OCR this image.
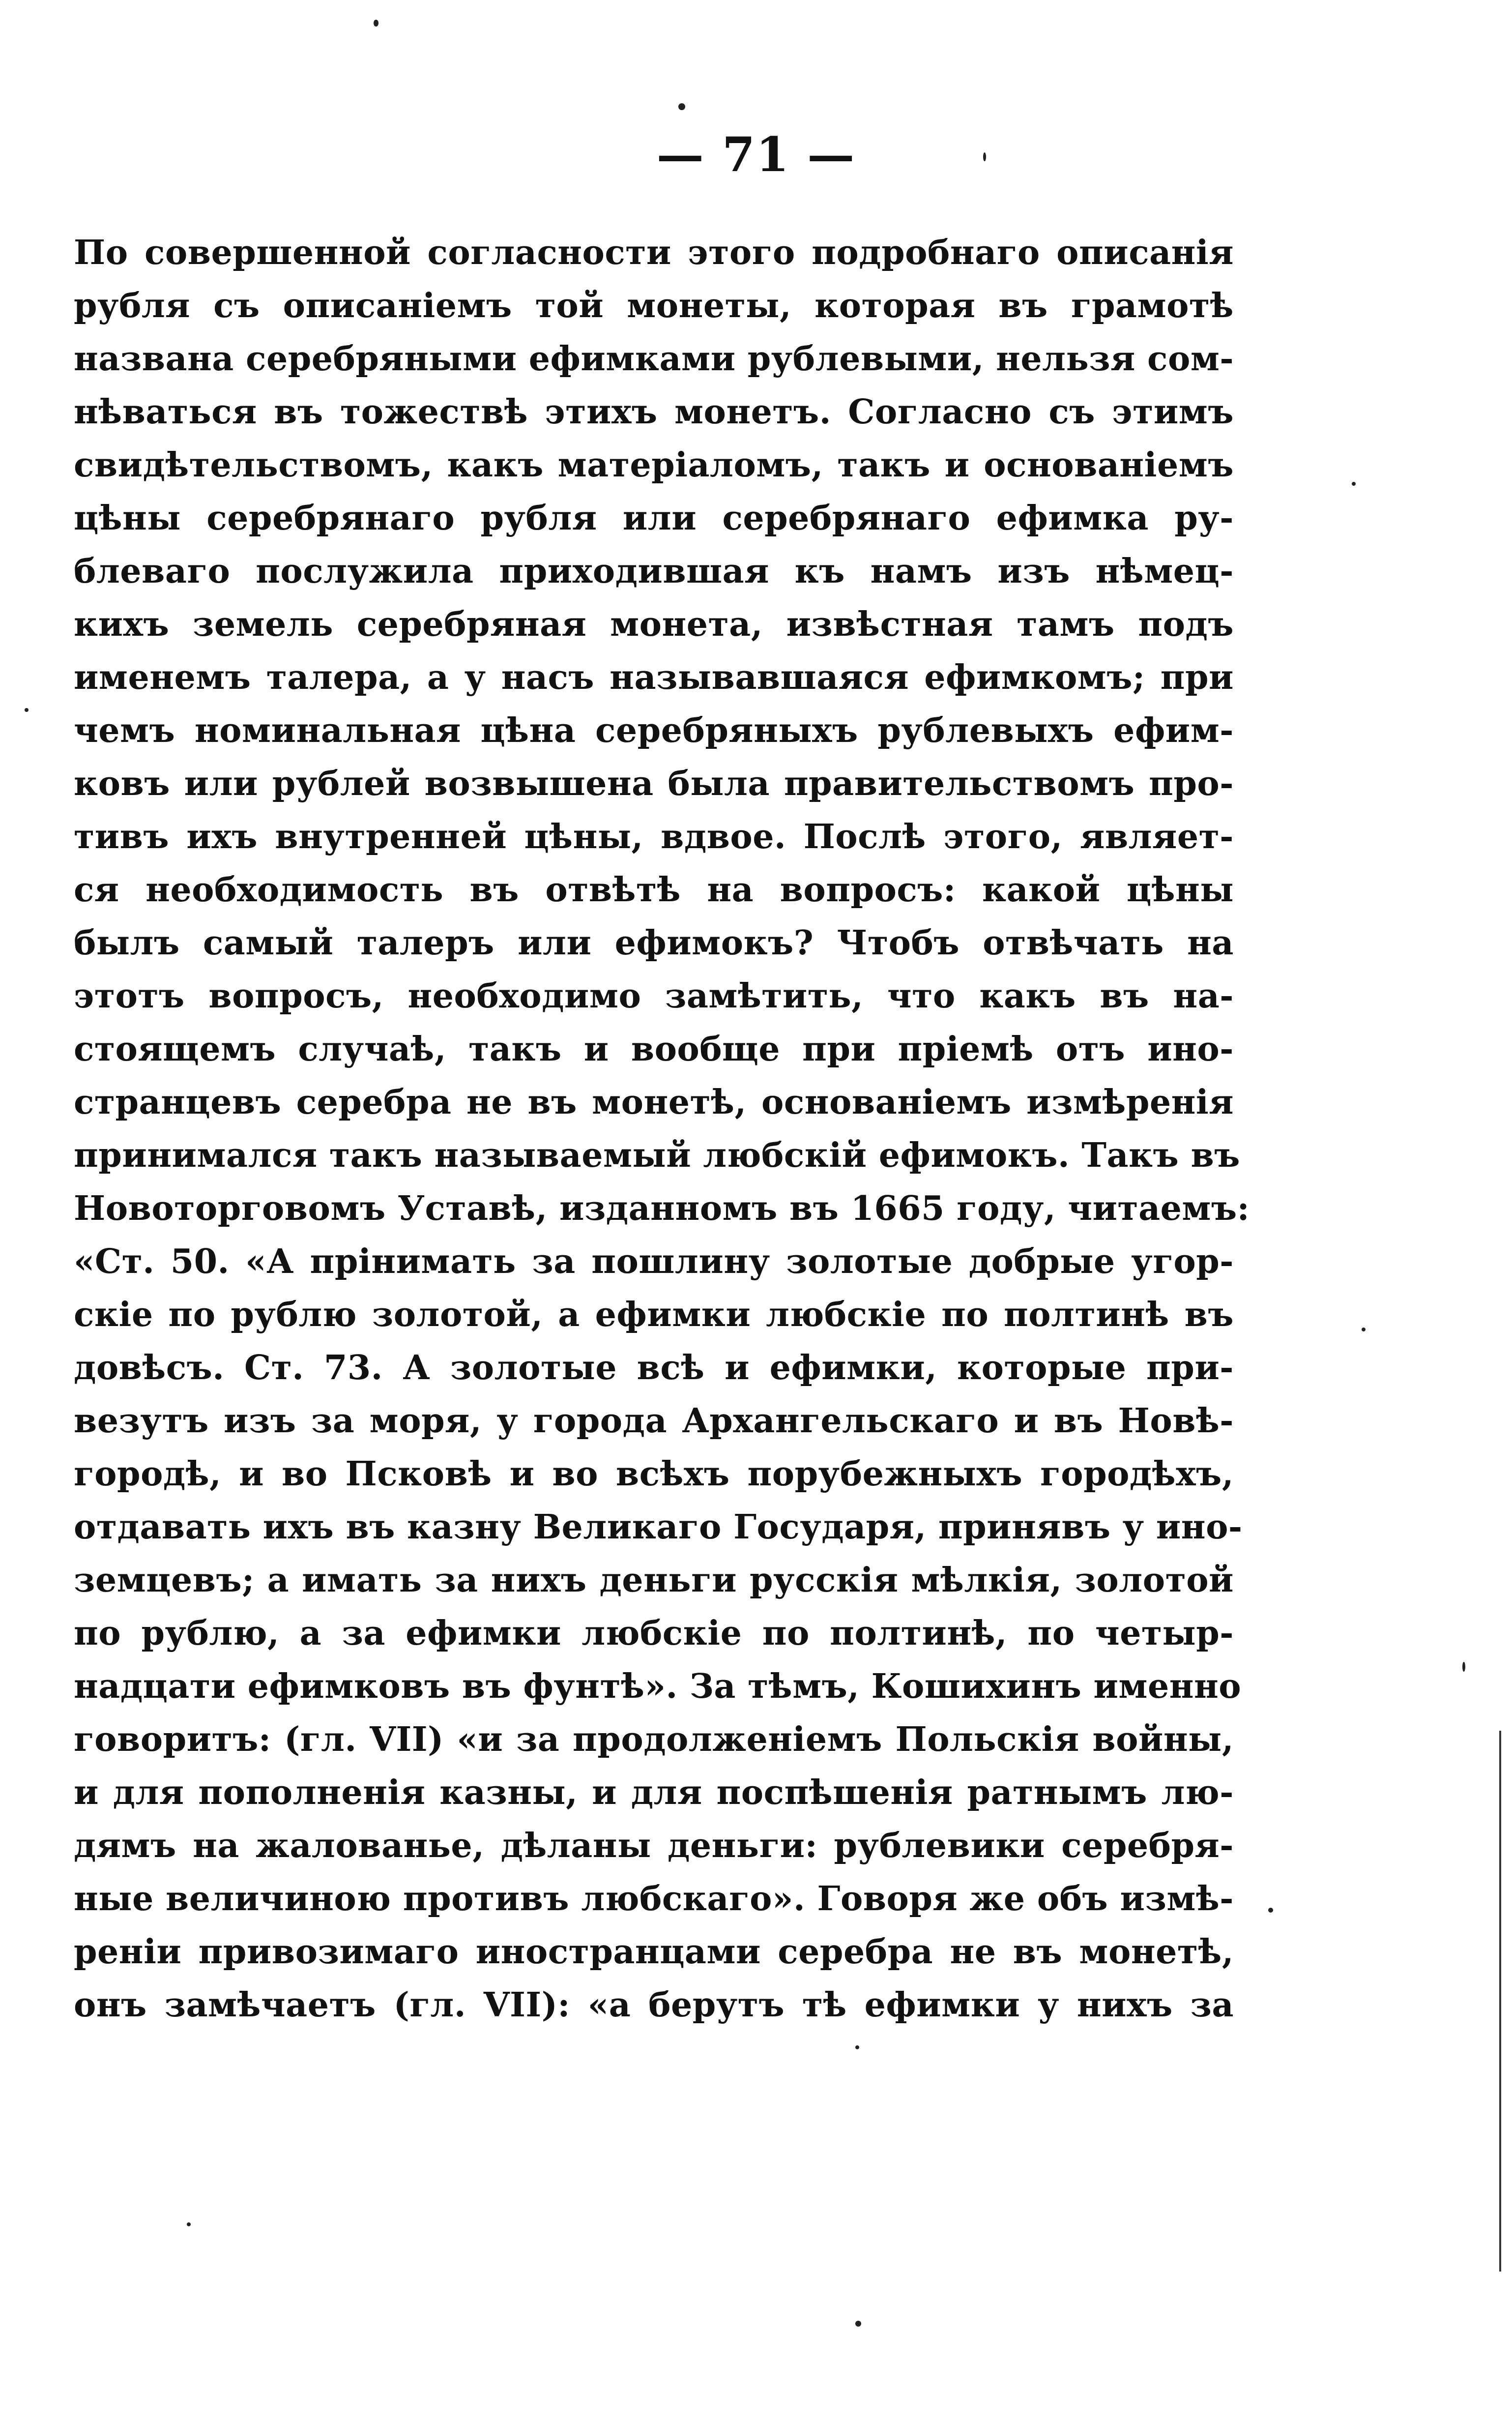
— 71 —
По совершенной согласности этого подробнаго описанія
рубля съ описаніемъ той монеты, которая въ грамотѣ
названа серебряными ефимками рублевыми, нельзя сом-
нѣваться въ тожествѣ этихъ монетъ. Согласно съ этимъ
свидѣтельствомъ, какъ матеріаломъ, такъ и основаніемъ
цѣны серебрянаго рубля или серебрянаго ефимка ру-
блеваго послужила приходившая къ намъ изъ нѣмец-
кихъ земель серебряная монета, извѣстная тамъ подъ
именемъ талера, а у насъ называвшаяся ефимкомъ; при
чемъ номинальная цѣна серебряныхъ рублевыхъ ефим-
ковъ или рублей возвышена была правительствомъ про-
тивъ ихъ внутренней цѣны, вдвое. Послѣ этого, являет-
ся необходимость въ отвѣтѣ на вопросъ: какой цѣны
былъ самый талеръ или ефимокъ? Чтобъ отвѣчать на
этотъ вопросъ, необходимо замѣтить, что какъ въ на-
стоящемъ случаѣ, такъ и вообще при пріемѣ отъ ино-
странцевъ серебра не въ монетѣ, основаніемъ измѣренія
принимался такъ называемый любскій ефимокъ. Такъ въ
Новоторговомъ Уставѣ, изданномъ въ 1665 году, читаемъ:
«Ст. 50. «А прінимать за пошлину золотые добрые угор-
скіе по рублю золотой, а ефимки любскіе по полтинѣ въ
довѣсъ. Ст. 73. А золотые всѣ и ефимки, которые при-
везутъ изъ за моря, у города Архангельскаго и въ Новѣ-
городѣ, и во Псковѣ и во всѣхъ порубежныхъ городѣхъ,
отдавать ихъ въ казну Великаго Государя, принявъ у ино-
земцевъ; а имать за нихъ деньги русскія мѣлкія, золотой
по рублю, а за ефимки любскіе по полтинѣ, по четыр-
надцати ефимковъ въ фунтѣ». За тѣмъ, Кошихинъ именно
говоритъ: (гл. VII) «и за продолженіемъ Польскія войны,
и для пополненія казны, и для поспѣшенія ратнымъ лю-
дямъ на жалованье, дѣланы деньги: рублевики серебря-
ные величиною противъ любскаго». Говоря же объ измѣ-
реніи привозимаго иностранцами серебра не въ монетѣ,
онъ замѣчаетъ (гл. VII): «а берутъ тѣ ефимки у нихъ за
